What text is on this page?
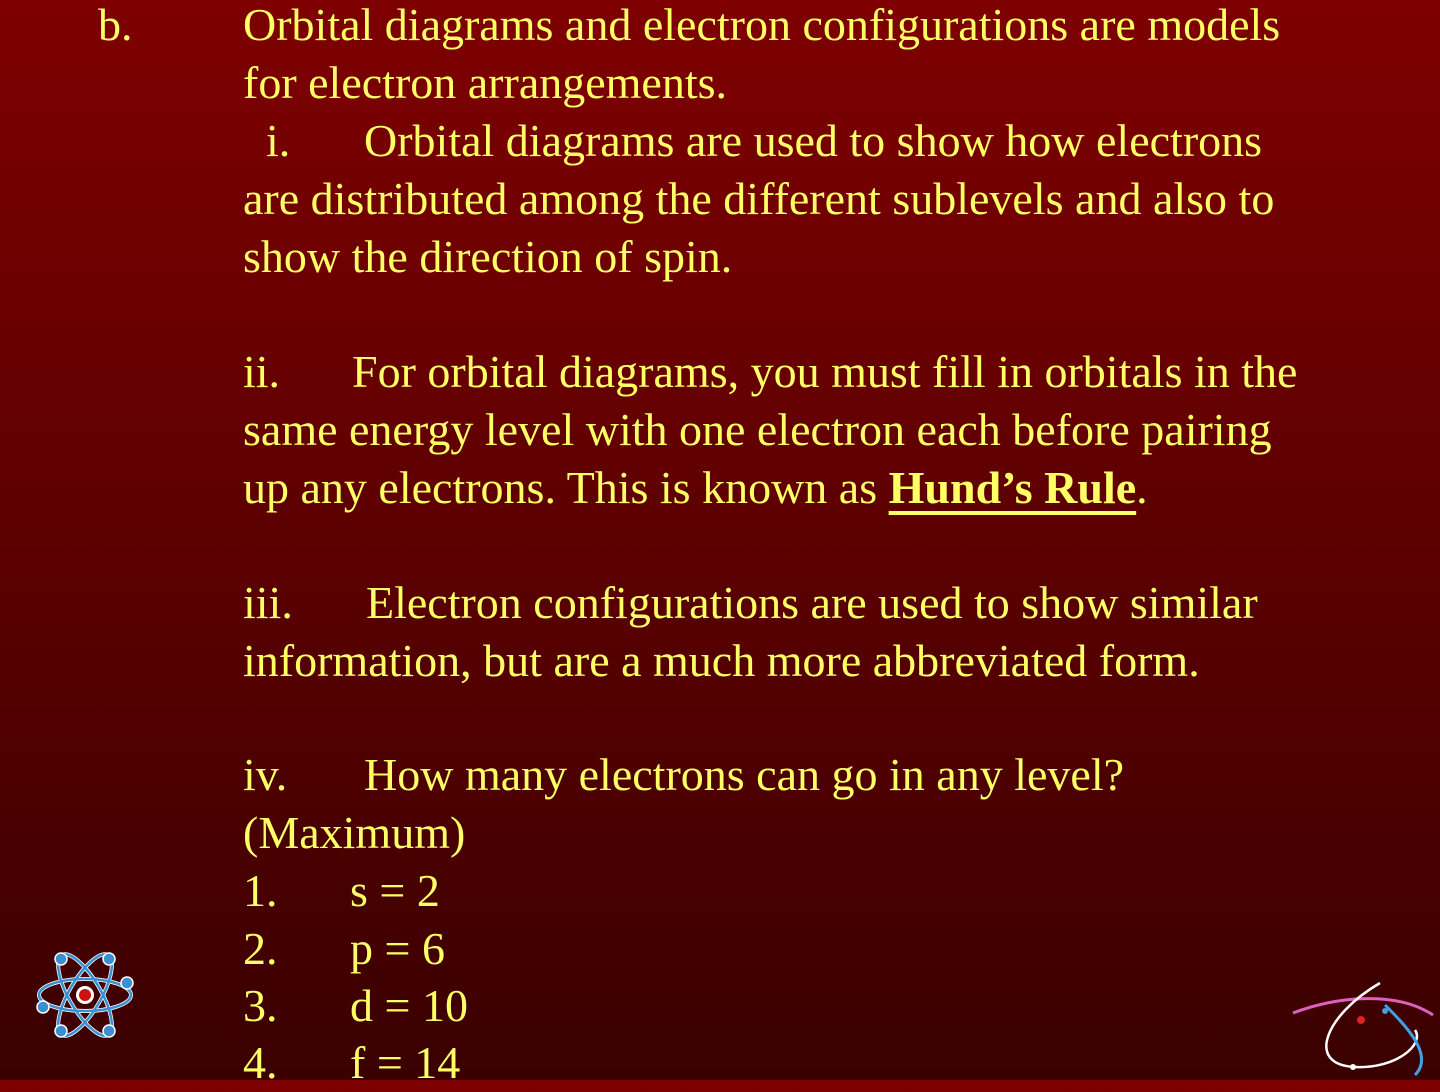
b. Orbital diagrams and electron configurations are models

for electron arrangements.

i. Orbital diagrams are used to show how electrons

are distributed among the different sublevels and also to

show the direction of spin.

ii. For orbital diagrams, you must fill in orbitals in the

same energy level with one electron each before pairing

up any electrons. This is known as Hund’s Rule.

iii. Electron configurations are used to show similar

information, but are a much more abbreviated form.

iv. How many electrons can go in any level?

(Maximum)

1. s = 2

2. p = 6

3. d = 10

4. f = 14
